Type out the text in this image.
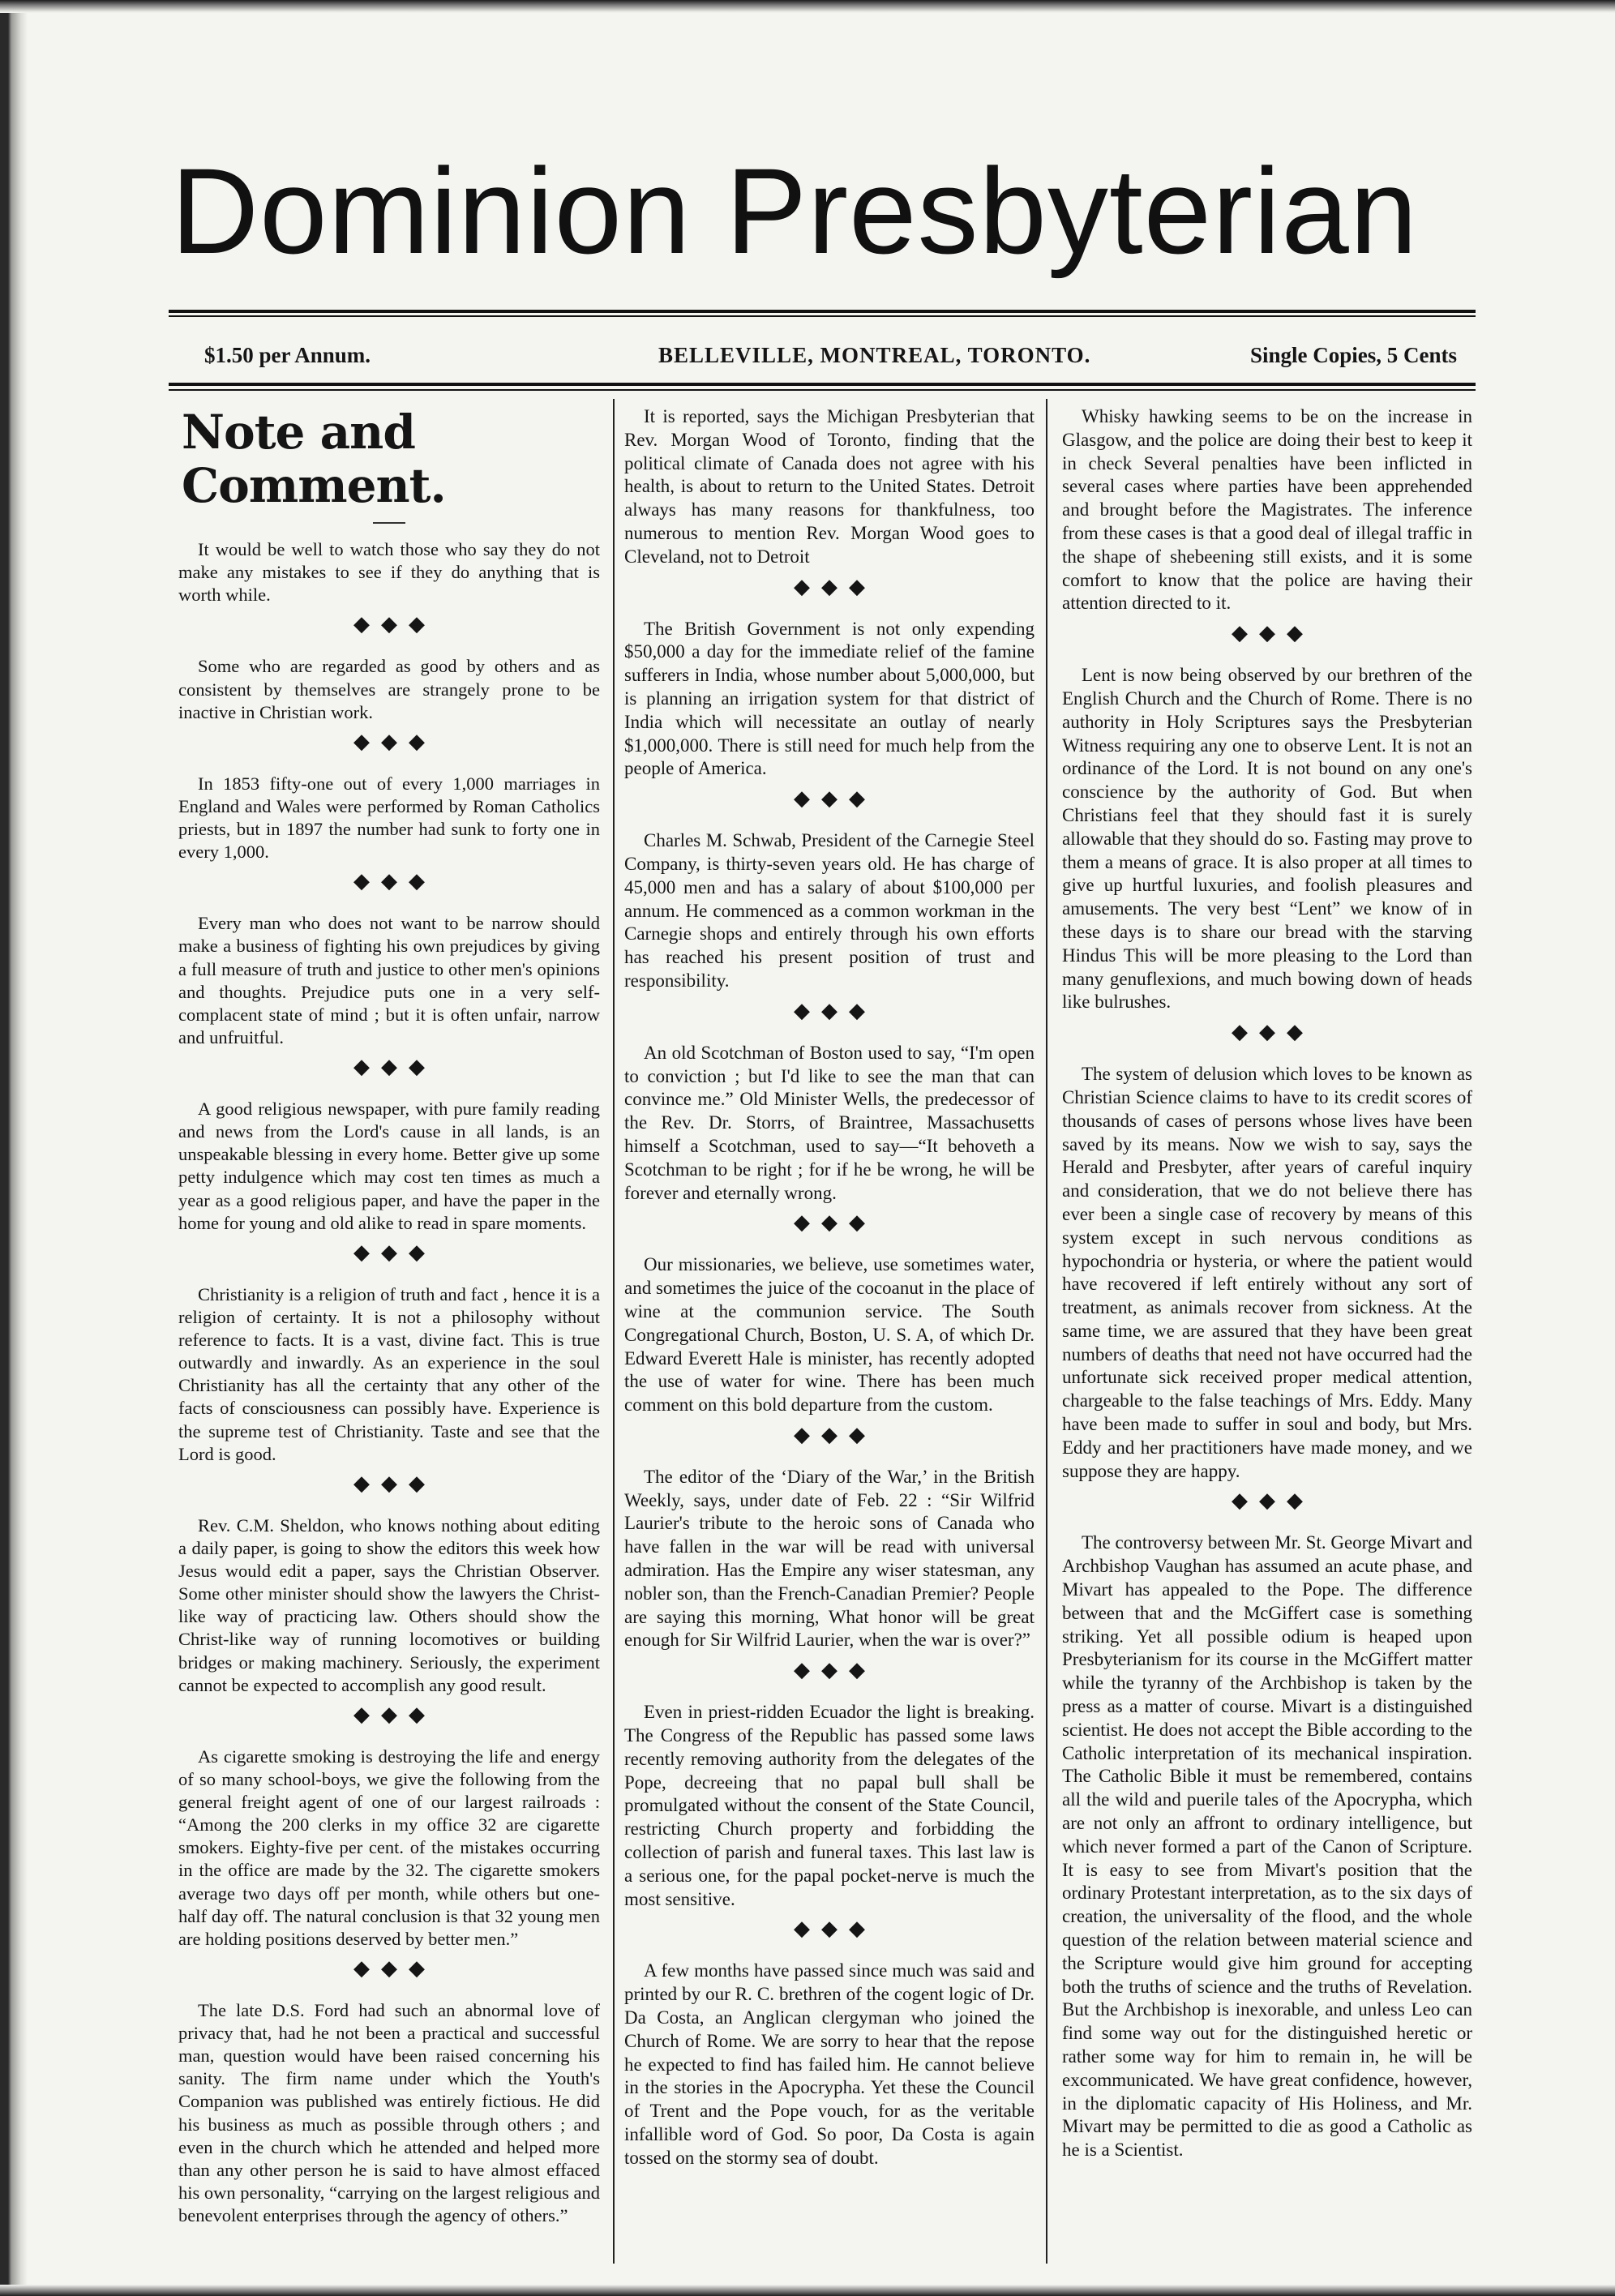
Dominion Presbyterian
$1.50 per Annum.	BELLEVILLE, MONTREAL, TORONTO.	Single Copies, 5 Cents
Note and Comment.

It would be well to watch those who say they do not make any mistakes to see if they do anything that is worth while.

◆◆◆

Some who are regarded as good by others and as consistent by themselves are strangely prone to be inactive in Christian work.

◆◆◆

In 1853 fifty-one out of every 1,000 marriages in England and Wales were performed by Roman Catholics priests, but in 1897 the number had sunk to forty one in every 1,000.

◆◆◆

Every man who does not want to be narrow should make a business of fighting his own prejudices by giving a full measure of truth and justice to other men's opinions and thoughts. Prejudice puts one in a very self-complacent state of mind ; but it is often unfair, narrow and unfruitful.

◆◆◆

A good religious newspaper, with pure family reading and news from the Lord's cause in all lands, is an unspeakable blessing in every home. Better give up some petty indulgence which may cost ten times as much a year as a good religious paper, and have the paper in the home for young and old alike to read in spare moments.

◆◆◆

Christianity is a religion of truth and fact , hence it is a religion of certainty. It is not a philosophy without reference to facts. It is a vast, divine fact. This is true outwardly and inwardly. As an experience in the soul Christianity has all the certainty that any other of the facts of consciousness can possibly have. Experience is the supreme test of Christianity. Taste and see that the Lord is good.

◆◆◆

Rev. C.M. Sheldon, who knows nothing about editing a daily paper, is going to show the editors this week how Jesus would edit a paper, says the Christian Observer. Some other minister should show the lawyers the Christ-like way of practicing law. Others should show the Christ-like way of running locomotives or building bridges or making machinery. Seriously, the experiment cannot be expected to accomplish any good result.

◆◆◆

As cigarette smoking is destroying the life and energy of so many school-boys, we give the following from the general freight agent of one of our largest railroads : “Among the 200 clerks in my office 32 are cigarette smokers. Eighty-five per cent. of the mistakes occurring in the office are made by the 32. The cigarette smokers average two days off per month, while others but one-half day off. The natural conclusion is that 32 young men are holding positions deserved by better men.”

◆◆◆

The late D.S. Ford had such an abnormal love of privacy that, had he not been a practical and successful man, question would have been raised concerning his sanity. The firm name under which the Youth's Companion was published was entirely fictious. He did his business as much as possible through others ; and even in the church which he attended and helped more than any other person he is said to have almost effaced his own personality, “carrying on the largest religious and benevolent enterprises through the agency of others.”

It is reported, says the Michigan Presbyterian that Rev. Morgan Wood of Toronto, finding that the political climate of Canada does not agree with his health, is about to return to the United States. Detroit always has many reasons for thankfulness, too numerous to mention Rev. Morgan Wood goes to Cleveland, not to Detroit

◆◆◆

The British Government is not only expending $50,000 a day for the immediate relief of the famine sufferers in India, whose number about 5,000,000, but is planning an irrigation system for that district of India which will necessitate an outlay of nearly $1,000,000. There is still need for much help from the people of America.

◆◆◆

Charles M. Schwab, President of the Carnegie Steel Company, is thirty-seven years old. He has charge of 45,000 men and has a salary of about $100,000 per annum. He commenced as a common workman in the Carnegie shops and entirely through his own efforts has reached his present position of trust and responsibility.

◆◆◆

An old Scotchman of Boston used to say, “I'm open to conviction ; but I'd like to see the man that can convince me.” Old Minister Wells, the predecessor of the Rev. Dr. Storrs, of Braintree, Massachusetts himself a Scotchman, used to say—“It behoveth a Scotchman to be right ; for if he be wrong, he will be forever and eternally wrong.

◆◆◆

Our missionaries, we believe, use sometimes water, and sometimes the juice of the cocoanut in the place of wine at the communion service. The South Congregational Church, Boston, U. S. A, of which Dr. Edward Everett Hale is minister, has recently adopted the use of water for wine. There has been much comment on this bold departure from the custom.

◆◆◆

The editor of the ‘Diary of the War,’ in the British Weekly, says, under date of Feb. 22 : “Sir Wilfrid Laurier's tribute to the heroic sons of Canada who have fallen in the war will be read with universal admiration. Has the Empire any wiser statesman, any nobler son, than the French-Canadian Premier? People are saying this morning, What honor will be great enough for Sir Wilfrid Laurier, when the war is over?”

◆◆◆

Even in priest-ridden Ecuador the light is breaking. The Congress of the Republic has passed some laws recently removing authority from the delegates of the Pope, decreeing that no papal bull shall be promulgated without the consent of the State Council, restricting Church property and forbidding the collection of parish and funeral taxes. This last law is a serious one, for the papal pocket-nerve is much the most sensitive.

◆◆◆

A few months have passed since much was said and printed by our R. C. brethren of the cogent logic of Dr. Da Costa, an Anglican clergyman who joined the Church of Rome. We are sorry to hear that the repose he expected to find has failed him. He cannot believe in the stories in the Apocrypha. Yet these the Council of Trent and the Pope vouch, for as the veritable infallible word of God. So poor, Da Costa is again tossed on the stormy sea of doubt.

Whisky hawking seems to be on the increase in Glasgow, and the police are doing their best to keep it in check Several penalties have been inflicted in several cases where parties have been apprehended and brought before the Magistrates. The inference from these cases is that a good deal of illegal traffic in the shape of shebeening still exists, and it is some comfort to know that the police are having their attention directed to it.

◆◆◆

Lent is now being observed by our brethren of the English Church and the Church of Rome. There is no authority in Holy Scriptures says the Presbyterian Witness requiring any one to observe Lent. It is not an ordinance of the Lord. It is not bound on any one's conscience by the authority of God. But when Christians feel that they should fast it is surely allowable that they should do so. Fasting may prove to them a means of grace. It is also proper at all times to give up hurtful luxuries, and foolish pleasures and amusements. The very best “Lent” we know of in these days is to share our bread with the starving Hindus This will be more pleasing to the Lord than many genuflexions, and much bowing down of heads like bulrushes.

◆◆◆

The system of delusion which loves to be known as Christian Science claims to have to its credit scores of thousands of cases of persons whose lives have been saved by its means. Now we wish to say, says the Herald and Presbyter, after years of careful inquiry and consideration, that we do not believe there has ever been a single case of recovery by means of this system except in such nervous conditions as hypochondria or hysteria, or where the patient would have recovered if left entirely without any sort of treatment, as animals recover from sickness. At the same time, we are assured that they have been great numbers of deaths that need not have occurred had the unfortunate sick received proper medical attention, chargeable to the false teachings of Mrs. Eddy. Many have been made to suffer in soul and body, but Mrs. Eddy and her practitioners have made money, and we suppose they are happy.

◆◆◆

The controversy between Mr. St. George Mivart and Archbishop Vaughan has assumed an acute phase, and Mivart has appealed to the Pope. The difference between that and the McGiffert case is something striking. Yet all possible odium is heaped upon Presbyterianism for its course in the McGiffert matter while the tyranny of the Archbishop is taken by the press as a matter of course. Mivart is a distinguished scientist. He does not accept the Bible according to the Catholic interpretation of its mechanical inspiration. The Catholic Bible it must be remembered, contains all the wild and puerile tales of the Apocrypha, which are not only an affront to ordinary intelligence, but which never formed a part of the Canon of Scripture. It is easy to see from Mivart's position that the ordinary Protestant interpretation, as to the six days of creation, the universality of the flood, and the whole question of the relation between material science and the Scripture would give him ground for accepting both the truths of science and the truths of Revelation. But the Archbishop is inexorable, and unless Leo can find some way out for the distinguished heretic or rather some way for him to remain in, he will be excommunicated. We have great confidence, however, in the diplomatic capacity of His Holiness, and Mr. Mivart may be permitted to die as good a Catholic as he is a Scientist.
